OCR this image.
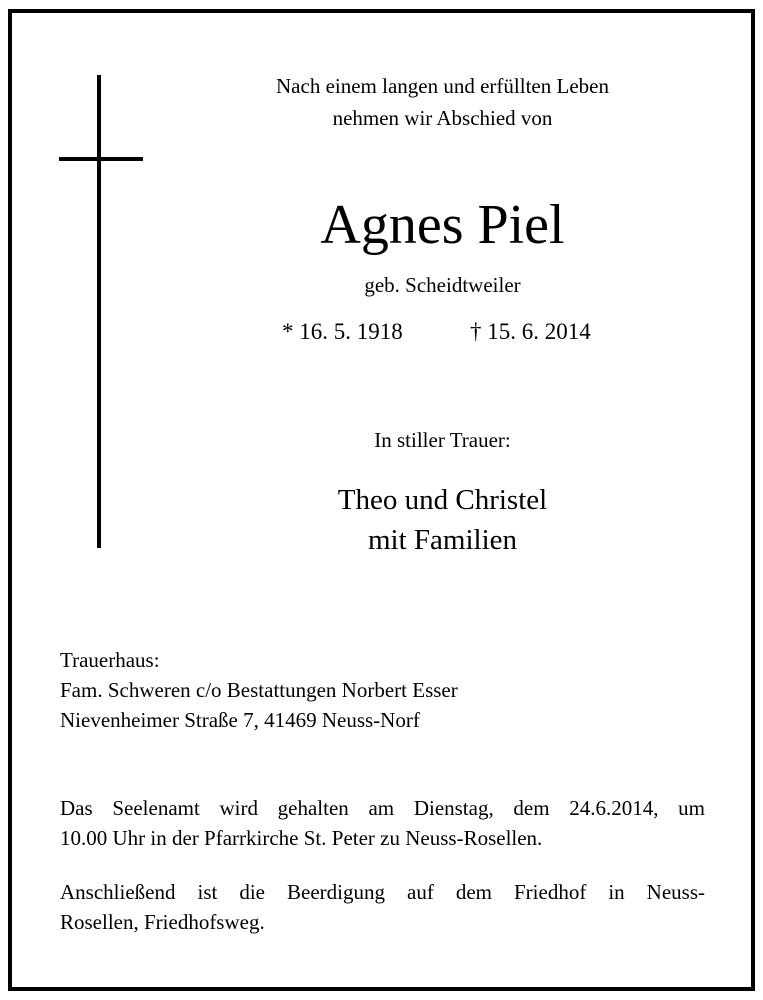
Nach einem langen und erfüllten Leben
nehmen wir Abschied von
Agnes Piel
geb. Scheidtweiler
* 16. 5. 1918	† 15. 6. 2014
In stiller Trauer:
Theo und Christel
mit Familien
Trauerhaus:
Fam. Schweren c/o Bestattungen Norbert Esser
Nievenheimer Straße 7, 41469 Neuss-Norf
Das Seelenamt wird gehalten am Dienstag, dem 24.6.2014, um
10.00 Uhr in der Pfarrkirche St. Peter zu Neuss-Rosellen.
Anschließend ist die Beerdigung auf dem Friedhof in Neuss-
Rosellen, Friedhofsweg.
